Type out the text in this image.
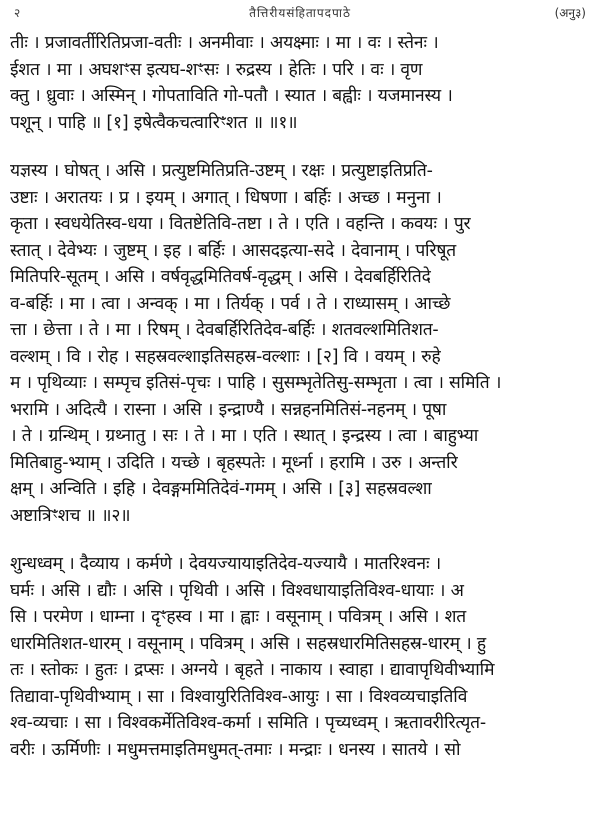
२	तैत्तिरीयसंहितापदपाठे	(अनु३)
तीः । प्रजावर्तीरितिप्रजा-वतीः । अनमीवाः । अयक्ष्माः । मा । वः । स्तेनः ।
ईशत । मा । अघशꣳस इत्यघ-शꣳसः । रुद्रस्य । हेतिः । परि । वः । वृण
क्तु । ध्रुवाः । अस्मिन् । गोपताविति गो-पतौ । स्यात । बह्वीः । यजमानस्य ।
पशून् । पाहि ॥ [१] इषेत्वैकचत्वारिꣳशत ॥ ॥१॥
यज्ञस्य । घोषत् । असि । प्रत्युष्टमितिप्रति-उष्टम् । रक्षः । प्रत्युष्टाइतिप्रति-
उष्टाः । अरातयः । प्र । इयम् । अगात् । धिषणा । बर्हिः । अच्छ । मनुना ।
कृता । स्वधयेतिस्व-धया । वितष्टेतिवि-तष्टा । ते । एति । वहन्ति । कवयः । पुर
स्तात् । देवेभ्यः । जुष्टम् । इह । बर्हिः । आसदइत्या-सदे । देवानाम् । परिषूत
मितिपरि-सूतम् । असि । वर्षवृद्धमितिवर्ष-वृद्धम् । असि । देवबर्हिरितिदे
व-बर्हिः । मा । त्वा । अन्वक् । मा । तिर्यक् । पर्व । ते । राध्यासम् । आच्छे
त्ता । छेत्ता । ते । मा । रिषम् । देवबर्हिरितिदेव-बर्हिः । शतवल्शमितिशत-
वल्शम् । वि । रोह । सहस्रवल्शाइतिसहस्र-वल्शाः । [२] वि । वयम् । रुहे
म । पृथिव्याः । सम्पृच इतिसं-पृचः । पाहि । सुसम्भृतेतिसु-सम्भृता । त्वा । समिति ।
भरामि । अदित्यै । रास्ना । असि । इन्द्राण्यै । सन्नहनमितिसं-नहनम् । पूषा
। ते । ग्रन्थिम् । ग्रथ्नातु । सः । ते । मा । एति । स्थात् । इन्द्रस्य । त्वा । बाहुभ्या
मितिबाहु-भ्याम् । उदिति । यच्छे । बृहस्पतेः । मूर्ध्ना । हरामि । उरु । अन्तरि
क्षम् । अन्विति । इहि । देवङ्गममितिदेवं-गमम् । असि । [३] सहस्रवल्शा
अष्टात्रिꣳशच ॥ ॥२॥
शुन्धध्वम् । दैव्याय । कर्मणे । देवयज्यायाइतिदेव-यज्यायै । मातरिश्वनः ।
घर्मः । असि । द्यौः । असि । पृथिवी । असि । विश्वधायाइतिविश्व-धायाः । अ
सि । परमेण । धाम्ना । दृꣳहस्व । मा । ह्वाः । वसूनाम् । पवित्रम् । असि । शत
धारमितिशत-धारम् । वसूनाम् । पवित्रम् । असि । सहस्रधारमितिसहस्र-धारम् । हु
तः । स्तोकः । हुतः । द्रप्सः । अग्नये । बृहते । नाकाय । स्वाहा । द्यावापृथिवीभ्यामि
तिद्यावा-पृथिवीभ्याम् । सा । विश्वायुरितिविश्व-आयुः । सा । विश्वव्यचाइतिवि
श्व-व्यचाः । सा । विश्वकर्मेतिविश्व-कर्मा । समिति । पृच्यध्वम् । ऋतावरीरित्यृत-
वरीः । ऊर्मिणीः । मधुमत्तमाइतिमधुमत्-तमाः । मन्द्राः । धनस्य । सातये । सो
